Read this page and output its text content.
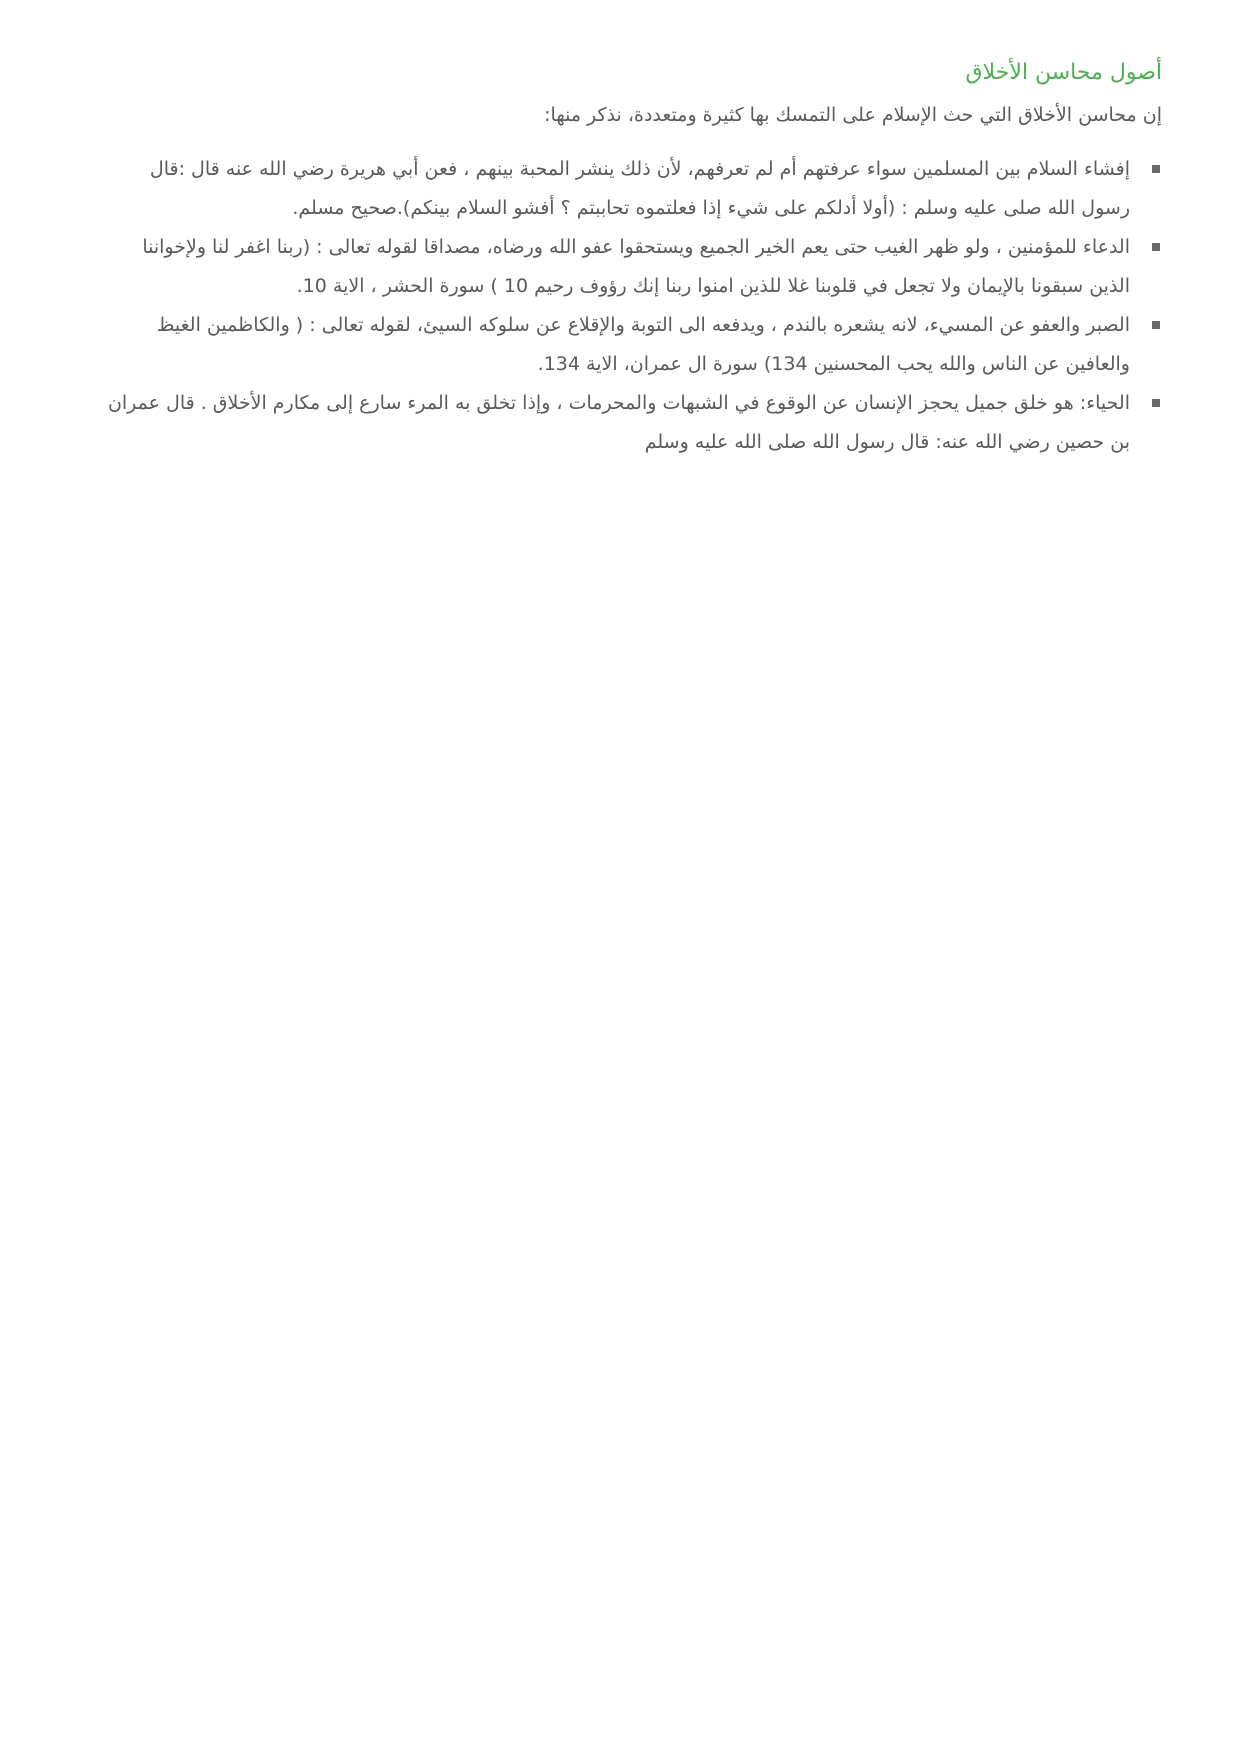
أصول محاسن الأخلاق

إن محاسن الأخلاق التي حث الإسلام على التمسك بها كثيرة ومتعددة، نذكر منها:

إفشاء السلام بين المسلمين سواء عرفتهم أم لم تعرفهم، لأن ذلك ينشر المحبة بينهم ، فعن أبي هريرة رضي الله عنه قال :قال رسول الله صلى عليه وسلم : (أولا أدلكم على شيء إذا فعلتموه تحاببتم ؟ أفشو السلام بينكم).صحيح مسلم.
الدعاء للمؤمنين ، ولو ظهر الغيب حتى يعم الخير الجميع ويستحقوا عفو الله ورضاه، مصداقا لقوله تعالى : (ربنا اغفر لنا ولإخواننا الذين سبقونا بالإيمان ولا تجعل في قلوبنا غلا للذين امنوا ربنا إنك رؤوف رحيم 10 ) سورة الحشر ، الاية 10.
الصبر والعفو عن المسيء، لانه يشعره بالندم ، ويدفعه الى التوبة والإقلاع عن سلوكه السيئ، لقوله تعالى : ( والكاظمين الغيظ والعافين عن الناس والله يحب المحسنين 134) سورة ال عمران، الاية 134.
الحياء: هو خلق جميل يحجز الإنسان عن الوقوع في الشبهات والمحرمات ، وإذا تخلق به المرء سارع إلى مكارم الأخلاق . قال عمران بن حصين رضي الله عنه: قال رسول الله صلى الله عليه وسلم
